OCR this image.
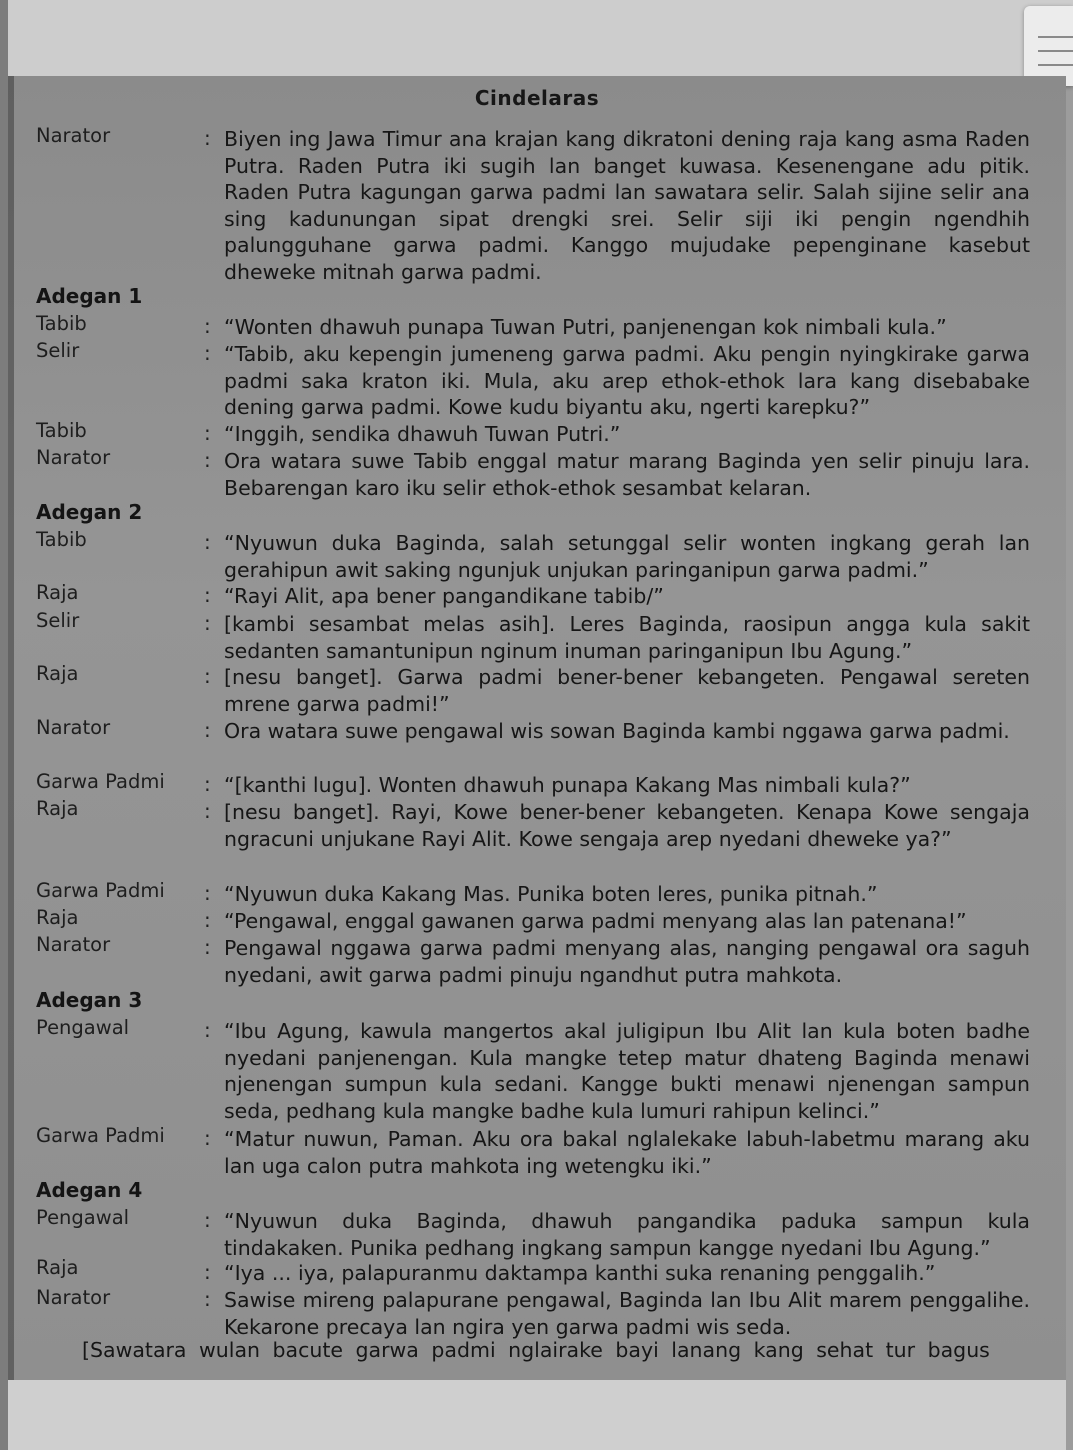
Cindelaras
Narator	: Biyen ing Jawa Timur ana krajan kang dikratoni dening raja kang asma Raden Putra. Raden Putra iki sugih lan banget kuwasa. Kesenengane adu pitik. Raden Putra kagungan garwa padmi lan sawatara selir. Salah sijine selir ana sing kadunungan sipat drengki srei. Selir siji iki pengin ngendhih palungguhane garwa padmi. Kanggo mujudake pepenginane kasebut dheweke mitnah garwa padmi.
Adegan 1
Tabib	: “Wonten dhawuh punapa Tuwan Putri, panjenengan kok nimbali kula.”
Selir	: “Tabib, aku kepengin jumeneng garwa padmi. Aku pengin nyingkirake garwa padmi saka kraton iki. Mula, aku arep ethok-ethok lara kang disebabake dening garwa padmi. Kowe kudu biyantu aku, ngerti karepku?”
Tabib	: “Inggih, sendika dhawuh Tuwan Putri.”
Narator	: Ora watara suwe Tabib enggal matur marang Baginda yen selir pinuju lara. Bebarengan karo iku selir ethok-ethok sesambat kelaran.
Adegan 2
Tabib	: “Nyuwun duka Baginda, salah setunggal selir wonten ingkang gerah lan gerahipun awit saking ngunjuk unjukan paringanipun garwa padmi.”
Raja	: “Rayi Alit, apa bener pangandikane tabib/”
Selir	: [kambi sesambat melas asih]. Leres Baginda, raosipun angga kula sakit sedanten samantunipun nginum inuman paringanipun Ibu Agung.”
Raja	: [nesu banget]. Garwa padmi bener-bener kebangeten. Pengawal sereten mrene garwa padmi!”
Narator	: Ora watara suwe pengawal wis sowan Baginda kambi nggawa garwa padmi.
Garwa Padmi : “[kanthi lugu]. Wonten dhawuh punapa Kakang Mas nimbali kula?”
Raja	: [nesu banget]. Rayi, Kowe bener-bener kebangeten. Kenapa Kowe sengaja ngracuni unjukane Rayi Alit. Kowe sengaja arep nyedani dheweke ya?”
Garwa Padmi : “Nyuwun duka Kakang Mas. Punika boten leres, punika pitnah.”
Raja	: “Pengawal, enggal gawanen garwa padmi menyang alas lan patenana!”
Narator	: Pengawal nggawa garwa padmi menyang alas, nanging pengawal ora saguh nyedani, awit garwa padmi pinuju ngandhut putra mahkota.
Adegan 3
Pengawal	: “Ibu Agung, kawula mangertos akal juligipun Ibu Alit lan kula boten badhe nyedani panjenengan. Kula mangke tetep matur dhateng Baginda menawi njenengan sumpun kula sedani. Kangge bukti menawi njenengan sampun seda, pedhang kula mangke badhe kula lumuri rahipun kelinci.”
Garwa Padmi : “Matur nuwun, Paman. Aku ora bakal nglalekake labuh-labetmu marang aku lan uga calon putra mahkota ing wetengku iki.”
Adegan 4
Pengawal	: “Nyuwun duka Baginda, dhawuh pangandika paduka sampun kula tindakaken. Punika pedhang ingkang sampun kangge nyedani Ibu Agung.”
Raja	: “Iya ... iya, palapuranmu daktampa kanthi suka renaning penggalih.”
Narator	: Sawise mireng palapurane pengawal, Baginda lan Ibu Alit marem penggalihe. Kekarone precaya lan ngira yen garwa padmi wis seda.
[Sawatara wulan bacute garwa padmi nglairake bayi lanang kang sehat tur bagus
